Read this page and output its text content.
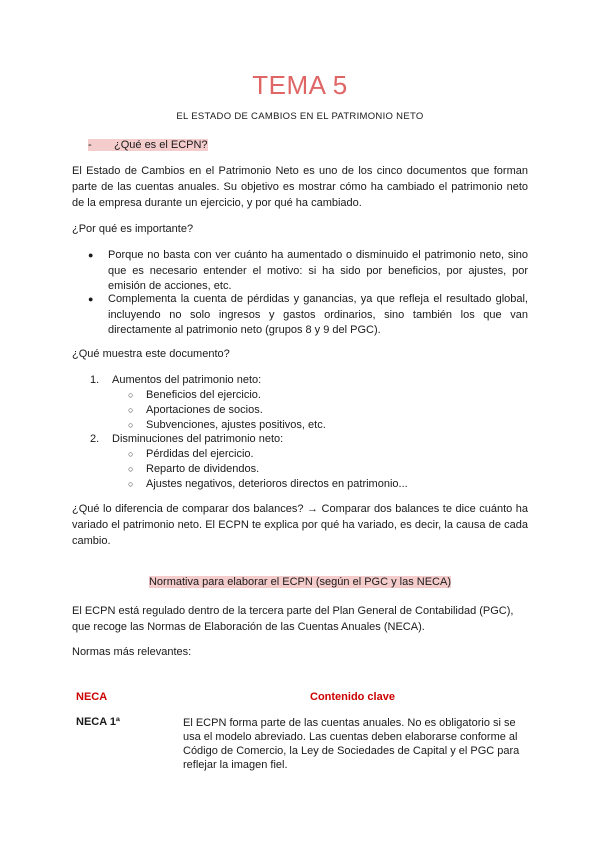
TEMA 5
EL ESTADO DE CAMBIOS EN EL PATRIMONIO NETO
- ¿Qué es el ECPN?
El Estado de Cambios en el Patrimonio Neto es uno de los cinco documentos que forman parte de las cuentas anuales. Su objetivo es mostrar cómo ha cambiado el patrimonio neto de la empresa durante un ejercicio, y por qué ha cambiado.
¿Por qué es importante?
●	Porque no basta con ver cuánto ha aumentado o disminuido el patrimonio neto, sino que es necesario entender el motivo: si ha sido por beneficios, por ajustes, por emisión de acciones, etc.
●	Complementa la cuenta de pérdidas y ganancias, ya que refleja el resultado global, incluyendo no solo ingresos y gastos ordinarios, sino también los que van directamente al patrimonio neto (grupos 8 y 9 del PGC).
¿Qué muestra este documento?
1. Aumentos del patrimonio neto:
○ Beneficios del ejercicio.
○ Aportaciones de socios.
○ Subvenciones, ajustes positivos, etc.
2. Disminuciones del patrimonio neto:
○ Pérdidas del ejercicio.
○ Reparto de dividendos.
○ Ajustes negativos, deterioros directos en patrimonio...
¿Qué lo diferencia de comparar dos balances? → Comparar dos balances te dice cuánto ha variado el patrimonio neto. El ECPN te explica por qué ha variado, es decir, la causa de cada cambio.
Normativa para elaborar el ECPN (según el PGC y las NECA)
El ECPN está regulado dentro de la tercera parte del Plan General de Contabilidad (PGC), que recoge las Normas de Elaboración de las Cuentas Anuales (NECA).
Normas más relevantes:
NECA	Contenido clave
NECA 1ª	El ECPN forma parte de las cuentas anuales. No es obligatorio si se usa el modelo abreviado. Las cuentas deben elaborarse conforme al Código de Comercio, la Ley de Sociedades de Capital y el PGC para reflejar la imagen fiel.
